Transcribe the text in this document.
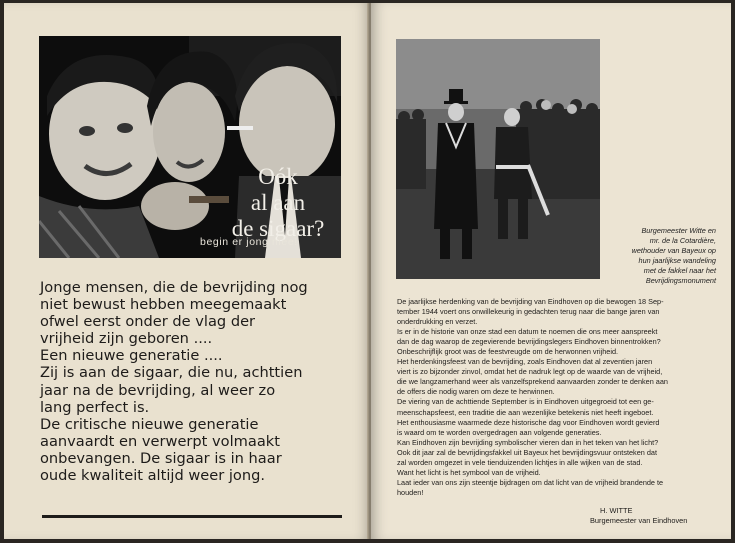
Oók
al aan
de sigaar?
begin er jong mee!
Jonge mensen, die de bevrijding nog
niet bewust hebben meegemaakt
ofwel eerst onder de vlag der
vrijheid zijn geboren ....
Een nieuwe generatie ....
Zij is aan de sigaar, die nu, achttien
jaar na de bevrijding, al weer zo
lang perfect is.
De critische nieuwe generatie
aanvaardt en verwerpt volmaakt
onbevangen. De sigaar is in haar
oude kwaliteit altijd weer jong.
Burgemeester Witte en
mr. de la Cotardière,
wethouder van Bayeux op
hun jaarlijkse wandeling
met de fakkel naar het
Bevrijdingsmonument
De jaarlijkse herdenking van de bevrijding van Eindhoven op die bewogen 18 Sep-
tember 1944 voert ons onwillekeurig in gedachten terug naar die bange jaren van
onderdrukking en verzet.
Is er in de historie van onze stad een datum te noemen die ons meer aanspreekt
dan de dag waarop de zegevierende bevrijdingslegers Eindhoven binnentrokken?
Onbeschrijflijk groot was de feestvreugde om de herwonnen vrijheid.
Het herdenkingsfeest van de bevrijding, zoals Eindhoven dat al zeventien jaren
viert is zo bijzonder zinvol, omdat het de nadruk legt op de waarde van de vrijheid,
die we langzamerhand weer als vanzelfsprekend aanvaarden zonder te denken aan
de offers die nodig waren om deze te herwinnen.
De viering van de achttiende September is in Eindhoven uitgegroeid tot een ge-
meenschapsfeest, een traditie die aan wezenlijke betekenis niet heeft ingeboet.
Het enthousiasme waarmede deze historische dag voor Eindhoven wordt gevierd
is waard om te worden overgedragen aan volgende generaties.
Kan Eindhoven zijn bevrijding symbolischer vieren dan in het teken van het licht?
Ook dit jaar zal de bevrijdingsfakkel uit Bayeux het bevrijdingsvuur ontsteken dat
zal worden omgezet in vele tienduizenden lichtjes in alle wijken van de stad.
Want het licht is het symbool van de vrijheid.
Laat ieder van ons zijn steentje bijdragen om dat licht van de vrijheid brandende te
houden!
H. WITTE
Burgemeester van Eindhoven
